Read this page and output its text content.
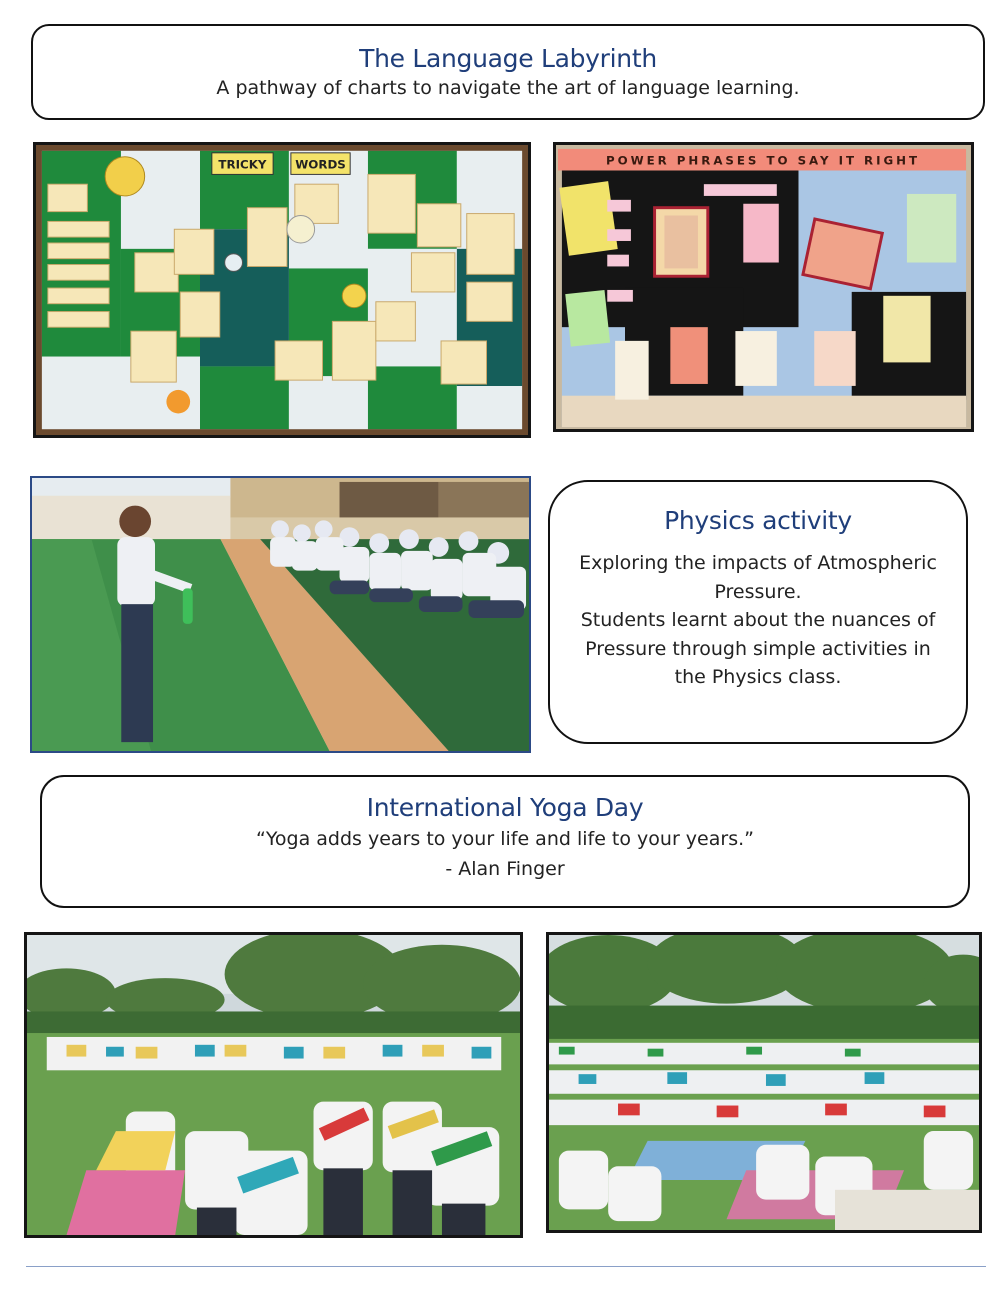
The Language Labyrinth
A pathway of charts to navigate the art of language learning.
TRICKY WORDS	POWER PHRASES TO SAY IT RIGHT
Physics activity
Exploring the impacts of Atmospheric
Pressure.
Students learnt about the nuances of
Pressure through simple activities in
the Physics class.
International Yoga Day
“Yoga adds years to your life and life to your years.”
- Alan Finger
